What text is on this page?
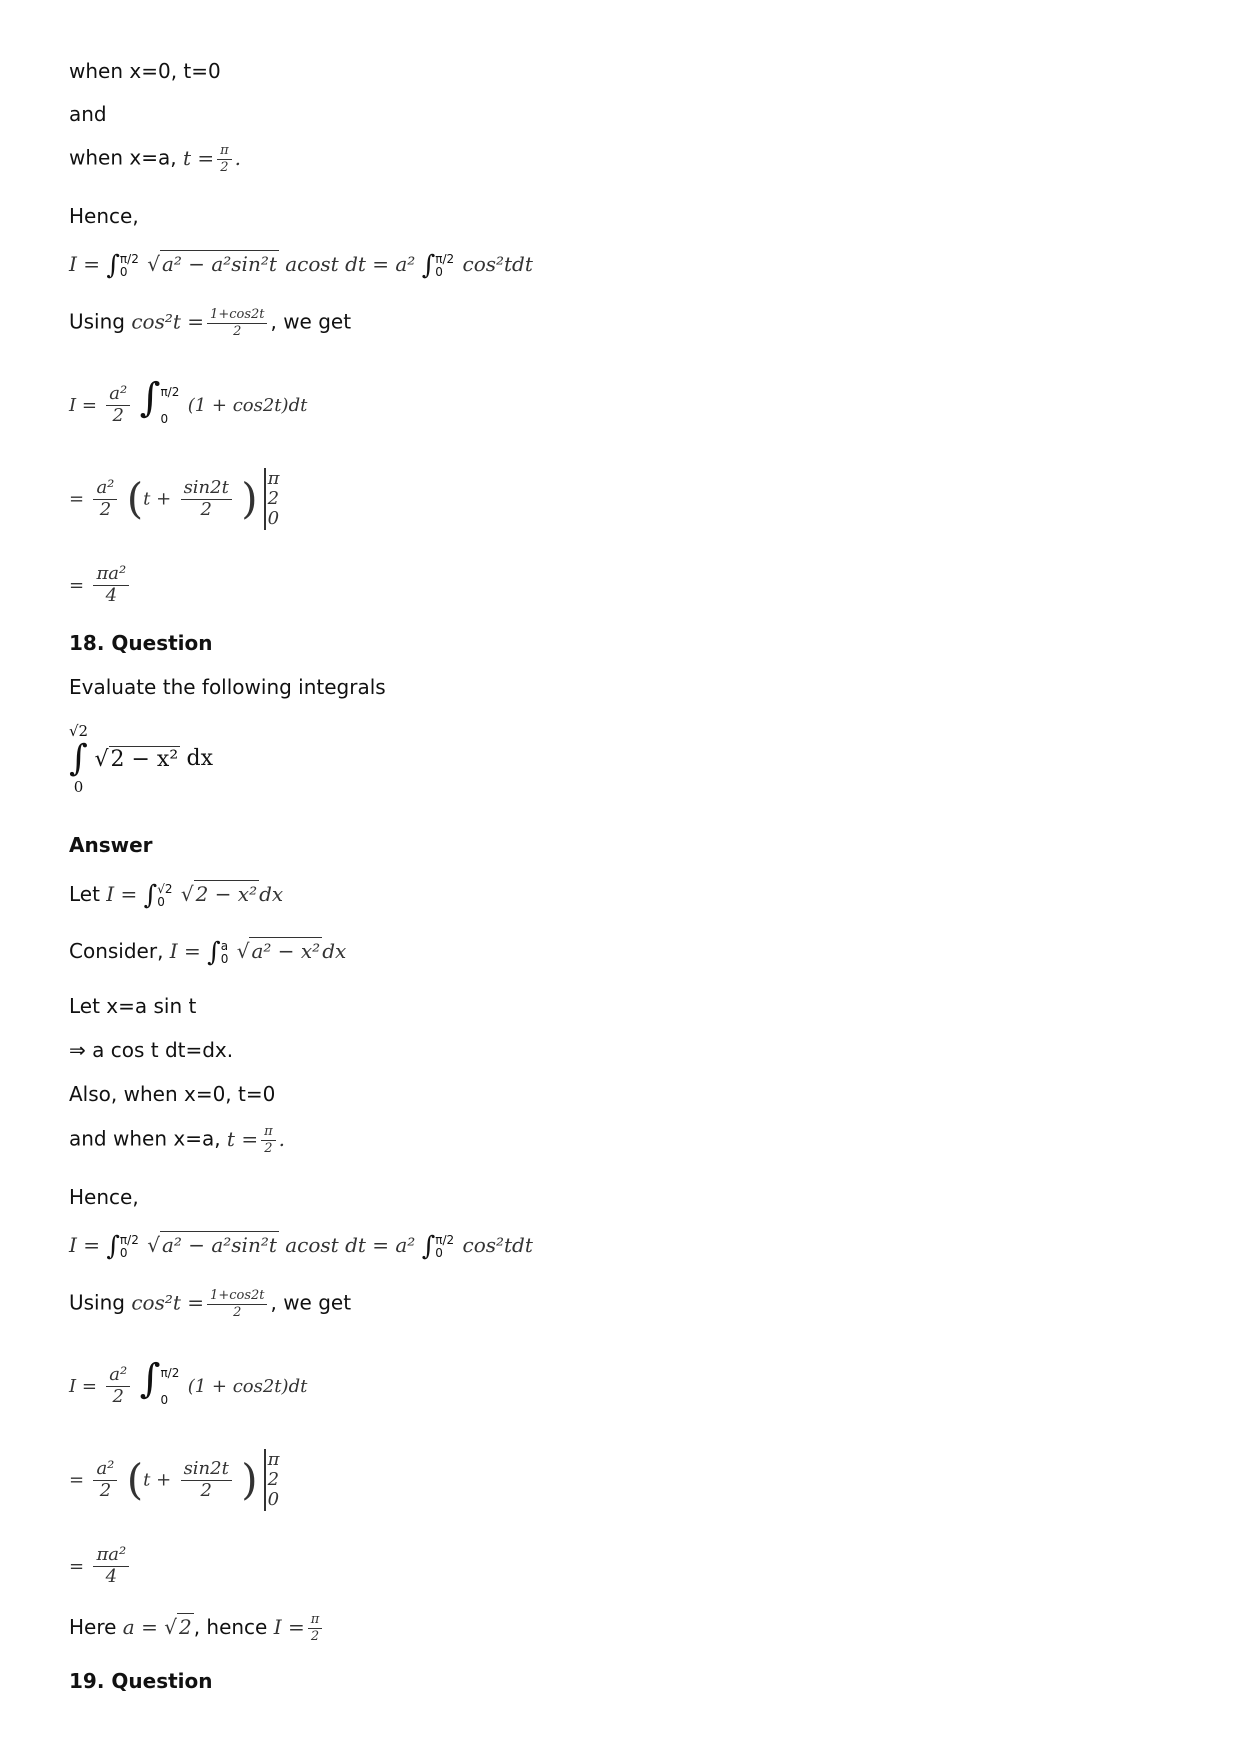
when x=0, t=0
and
when x=a, $t = \frac{\pi}{2}$ .
Hence,
I = ∫ π/2
0
√ a² − a²sin²t acost dt = a² ∫ π/2
0 cos²tdt
Using $\cos^2t = \frac{1+\cos 2t}{2}$ , we get
$I = \frac{\text{a²}}{2}$ ∫ π/2
0
(1 + cos2t)dt
= $\frac{\text{a²}}{2} (t + \frac{\sin 2t}{2}$ ) π
2
0
= $\frac{\text{πa²}}{4}$
18. Question
Evaluate the following integrals
√2
∫
0

√ 2 − x² dx
Answer
Let I = ∫ √2
0
√ 2 − x² dx
Consider, I = ∫ a
0
√ a² − x² dx
Let x=a sin t
⇒ a cos t dt=dx.
Also, when x=0, t=0
and when x=a, $t = \frac{\pi}{2}$ .
Hence,
I = ∫ π/2
0
√ a² − a²sin²t acost dt = a² ∫ π/2
0 cos²tdt
Using $\cos^2t = \frac{1+\cos 2t}{2}$ , we get
$I = \frac{\text{a²}}{2}$ ∫ π/2
0
(1 + cos2t)dt
= $\frac{\text{a²}}{2} (t + \frac{\sin 2t}{2}$ ) π
2
0
= $\frac{\text{πa²}}{4}$
Here a = √ 2 , hence $I = \frac{\pi}{2}$
19. Question
